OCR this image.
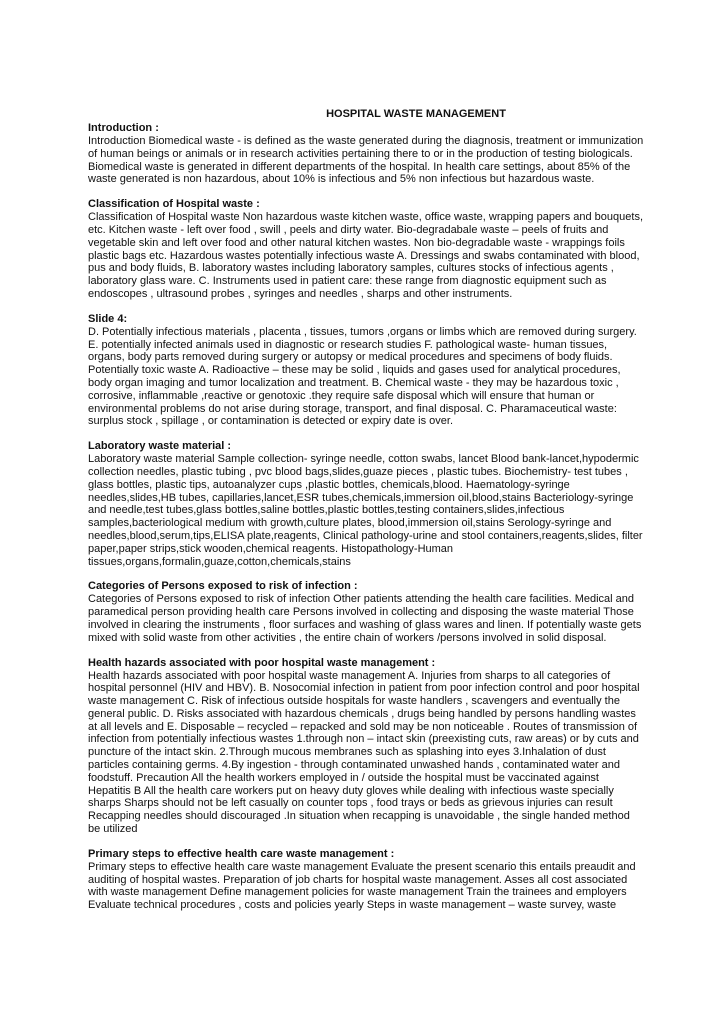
HOSPITAL WASTE MANAGEMENT
Introduction :
Introduction Biomedical waste - is defined as the waste generated during the diagnosis, treatment or immunization of human beings or animals or in research activities pertaining there to or in the production of testing biologicals. Biomedical waste is generated in different departments of the hospital. In health care settings, about 85% of the waste generated is non hazardous, about 10% is infectious and 5% non infectious but hazardous waste.
Classification of Hospital waste :
Classification of Hospital waste Non hazardous waste kitchen waste, office waste, wrapping papers and bouquets, etc. Kitchen waste - left over food , swill , peels and dirty water. Bio-degradabale waste – peels of fruits and vegetable skin and left over food and other natural kitchen wastes. Non bio-degradable waste - wrappings foils plastic bags etc. Hazardous wastes potentially infectious waste A. Dressings and swabs contaminated with blood, pus and body fluids, B. laboratory wastes including laboratory samples, cultures stocks of infectious agents , laboratory glass ware. C. Instruments used in patient care: these range from diagnostic equipment such as endoscopes , ultrasound probes , syringes and needles , sharps and other instruments.
Slide 4:
D. Potentially infectious materials , placenta , tissues, tumors ,organs or limbs which are removed during surgery. E. potentially infected animals used in diagnostic or research studies F. pathological waste- human tissues, organs, body parts removed during surgery or autopsy or medical procedures and specimens of body fluids. Potentially toxic waste A. Radioactive – these may be solid , liquids and gases used for analytical procedures, body organ imaging and tumor localization and treatment. B. Chemical waste - they may be hazardous toxic , corrosive, inflammable ,reactive or genotoxic .they require safe disposal which will ensure that human or environmental problems do not arise during storage, transport, and final disposal. C. Pharamaceutical waste: surplus stock , spillage , or contamination is detected or expiry date is over.
Laboratory waste material :
Laboratory waste material Sample collection- syringe needle, cotton swabs, lancet Blood bank-lancet,hypodermic collection needles, plastic tubing , pvc blood bags,slides,guaze pieces , plastic tubes. Biochemistry- test tubes , glass bottles, plastic tips, autoanalyzer cups ,plastic bottles, chemicals,blood. Haematology-syringe needles,slides,HB tubes, capillaries,lancet,ESR tubes,chemicals,immersion oil,blood,stains Bacteriology-syringe and needle,test tubes,glass bottles,saline bottles,plastic bottles,testing containers,slides,infectious samples,bacteriological medium with growth,culture plates, blood,immersion oil,stains Serology-syringe and needles,blood,serum,tips,ELISA plate,reagents, Clinical pathology-urine and stool containers,reagents,slides, filter paper,paper strips,stick wooden,chemical reagents. Histopathology-Human tissues,organs,formalin,guaze,cotton,chemicals,stains
Categories of Persons exposed to risk of infection :
Categories of Persons exposed to risk of infection Other patients attending the health care facilities. Medical and paramedical person providing health care Persons involved in collecting and disposing the waste material Those involved in clearing the instruments , floor surfaces and washing of glass wares and linen. If potentially waste gets mixed with solid waste from other activities , the entire chain of workers /persons involved in solid disposal.
Health hazards associated with poor hospital waste management :
Health hazards associated with poor hospital waste management A. Injuries from sharps to all categories of hospital personnel (HIV and HBV). B. Nosocomial infection in patient from poor infection control and poor hospital waste management C. Risk of infectious outside hospitals for waste handlers , scavengers and eventually the general public. D. Risks associated with hazardous chemicals , drugs being handled by persons handling wastes at all levels and E. Disposable – recycled – repacked and sold may be non noticeable . Routes of transmission of infection from potentially infectious wastes 1.through non – intact skin (preexisting cuts, raw areas) or by cuts and puncture of the intact skin. 2.Through mucous membranes such as splashing into eyes 3.Inhalation of dust particles containing germs. 4.By ingestion - through contaminated unwashed hands , contaminated water and foodstuff. Precaution All the health workers employed in / outside the hospital must be vaccinated against Hepatitis B All the health care workers put on heavy duty gloves while dealing with infectious waste specially sharps Sharps should not be left casually on counter tops , food trays or beds as grievous injuries can result Recapping needles should discouraged .In situation when recapping is unavoidable , the single handed method be utilized
Primary steps to effective health care waste management :
Primary steps to effective health care waste management Evaluate the present scenario this entails preaudit and auditing of hospital wastes. Preparation of job charts for hospital waste management. Asses all cost associated with waste management Define management policies for waste management Train the trainees and employers Evaluate technical procedures , costs and policies yearly Steps in waste management – waste survey, waste
